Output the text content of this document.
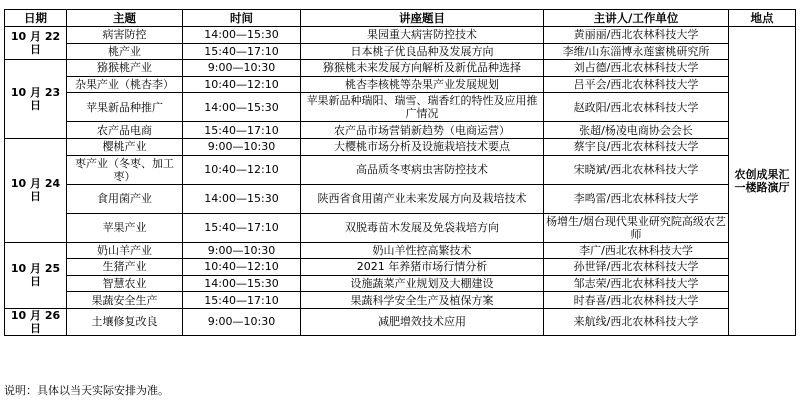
日期	主题	时间	讲座题目	主讲人/工作单位	地点
10 月 22 日	病害防控	14:00—15:30	果园重大病害防控技术	黄丽丽/西北农林科技大学	农创成果汇一楼路演厅
	桃产业	15:40—17:10	日本桃子优良品种及发展方向	李维/山东淄博永莲蜜桃研究所	
10 月 23 日	猕猴桃产业	9:00—10:30	猕猴桃未来发展方向解析及新优品种选择	刘占德/西北农林科技大学	
	杂果产业（桃杏李）	10:40—12:10	桃杏李核桃等杂果产业发展规划	吕平会/西北农林科技大学	
	苹果新品种推广	14:00—15:30	苹果新品种瑞阳、瑞雪、瑞香红的特性及应用推广情况	赵政阳/西北农林科技大学	
	农产品电商	15:40—17:10	农产品市场营销新趋势（电商运营）	张超/杨凌电商协会会长	
10 月 24 日	樱桃产业	9:00—10:30	大樱桃市场分析及设施栽培技术要点	蔡宇良/西北农林科技大学	
	枣产业（冬枣、加工枣）	10:40—12:10	高品质冬枣病虫害防控技术	宋晓斌/西北农林科技大学	
	食用菌产业	14:00—15:30	陕西省食用菌产业未来发展方向及栽培技术	李鸣雷/西北农林科技大学	
	苹果产业	15:40—17:10	双脱毒苗木发展及免袋栽培方向	杨增生/烟台现代果业研究院高级农艺师	
10 月 25 日	奶山羊产业	9:00—10:30	奶山羊性控高繁技术	李广/西北农林科技大学	
	生猪产业	10:40—12:10	2021 年养猪市场行情分析	孙世铎/西北农林科技大学	
	智慧农业	14:00—15:30	设施蔬菜产业规划及大棚建设	邹志荣/西北农林科技大学	
	果蔬安全生产	15:40—17:10	果蔬科学安全生产及植保方案	时春喜/西北农林科技大学	
10 月 26 日	土壤修复改良	9:00—10:30	减肥增效技术应用	来航线/西北农林科技大学	
说明：具体以当天实际安排为准。
